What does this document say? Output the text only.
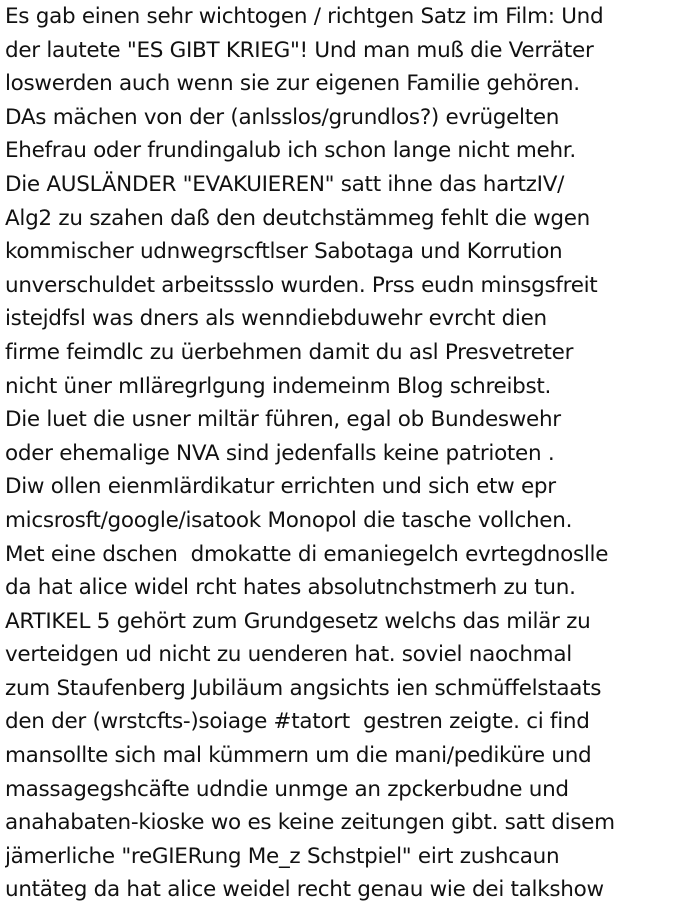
Es gab einen sehr wichtogen / richtgen Satz im Film: Und
der lautete "ES GIBT KRIEG"! Und man muß die Verräter
loswerden auch wenn sie zur eigenen Familie gehören.
DAs mächen von der (anlsslos/grundlos?) evrügelten
Ehefrau oder frundingalub ich schon lange nicht mehr.
Die AUSLÄNDER "EVAKUIEREN" satt ihne das hartzIV/
Alg2 zu szahen daß den deutchstämmeg fehlt die wgen
kommischer udnwegrscftlser Sabotaga und Korrution
unverschuldet arbeitssslo wurden. Prss eudn minsgsfreit
istejdfsl was dners als wenndiebduwehr evrcht dien
firme feimdlc zu üerbehmen damit du asl Presvetreter
nicht üner mIläregrlgung indemeinm Blog schreibst.
Die luet die usner miltär führen, egal ob Bundeswehr
oder ehemalige NVA sind jedenfalls keine patrioten .
Diw ollen eienmIärdikatur errichten und sich etw epr
micsrosft/google/isatook Monopol die tasche vollchen.
Met eine dschen  dmokatte di emaniegelch evrtegdnoslle
da hat alice widel rcht hates absolutnchstmerh zu tun.
ARTIKEL 5 gehört zum Grundgesetz welchs das milär zu
verteidgen ud nicht zu uenderen hat. soviel naochmal
zum Staufenberg Jubiläum angsichts ien schmüffelstaats
den der (wrstcfts-)soiage #tatort  gestren zeigte. ci find
mansollte sich mal kümmern um die mani/pediküre und
massagegshcäfte udndie unmge an zpckerbudne und
anahabaten-kioske wo es keine zeitungen gibt. satt disem
jämerliche "reGIERung Me_z Schstpiel" eirt zushcaun
untäteg da hat alice weidel recht genau wie dei talkshow
